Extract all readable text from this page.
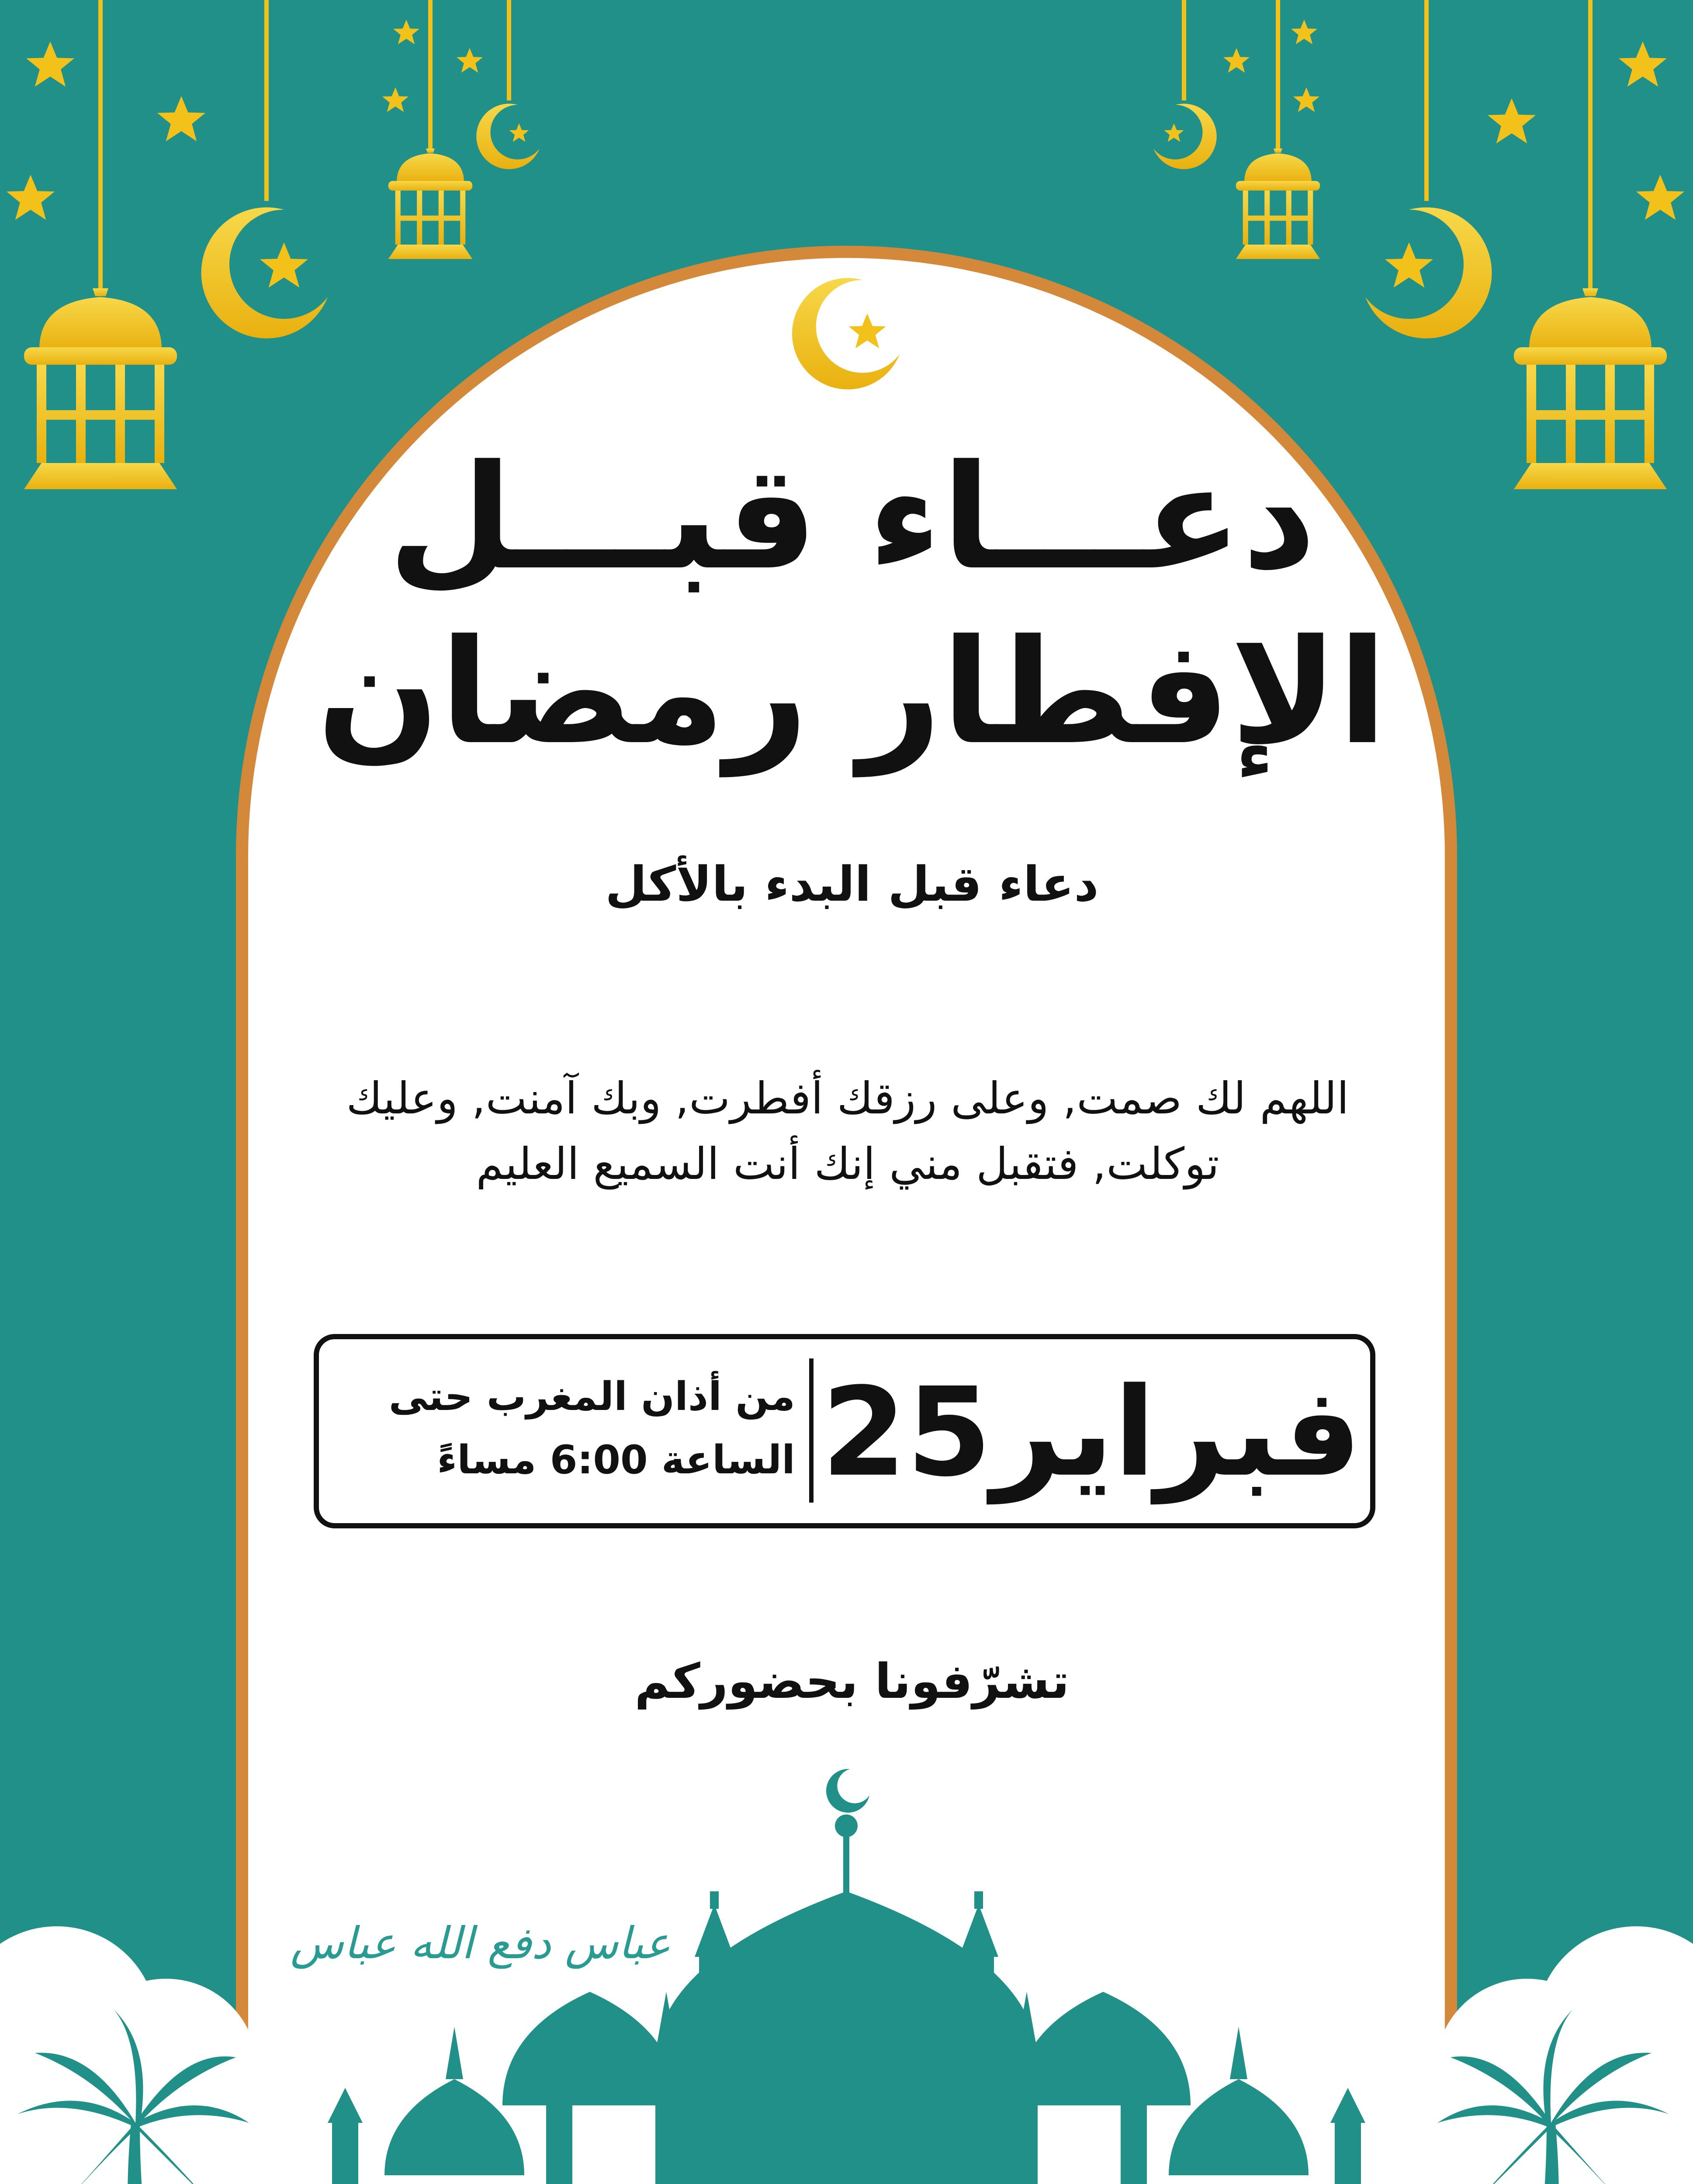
دعـــاء قبـــل
الإفطار رمضان
دعاء قبل البدء بالأكل
اللهم لك صمت, وعلى رزقك أفطرت, وبك آمنت, وعليك
توكلت, فتقبل مني إنك أنت السميع العليم
25فبراير
من أذان المغرب حتى
الساعة 6:00 مساءً
تشرّفونا بحضوركم
عباس دفع الله عباس
